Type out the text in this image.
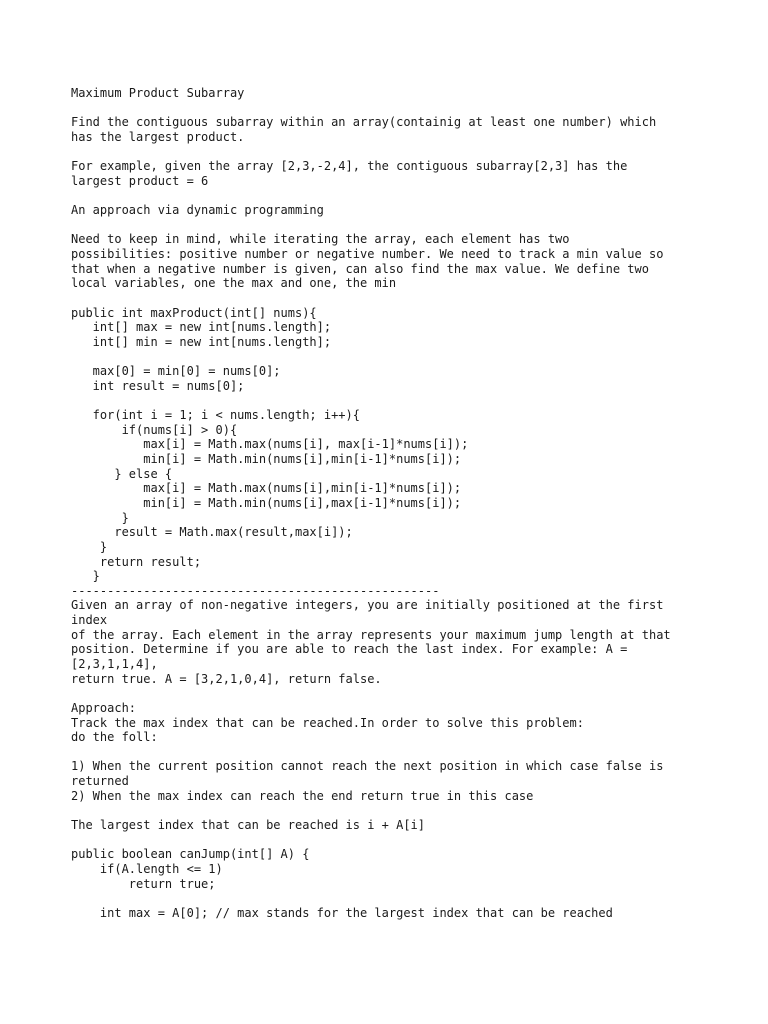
Maximum Product Subarray
Find the contiguous subarray within an array(containig at least one number) which
has the largest product.
For example, given the array [2,3,-2,4], the contiguous subarray[2,3] has the
largest product = 6
An approach via dynamic programming
Need to keep in mind, while iterating the array, each element has two
possibilities: positive number or negative number. We need to track a min value so
that when a negative number is given, can also find the max value. We define two
local variables, one the max and one, the min
public int maxProduct(int[] nums){
int[] max = new int[nums.length];
int[] min = new int[nums.length];
max[0] = min[0] = nums[0];
int result = nums[0];
for(int i = 1; i < nums.length; i++){
if(nums[i] > 0){
max[i] = Math.max(nums[i], max[i-1]*nums[i]);
min[i] = Math.min(nums[i],min[i-1]*nums[i]);
} else {
max[i] = Math.max(nums[i],min[i-1]*nums[i]);
min[i] = Math.min(nums[i],max[i-1]*nums[i]);
}
result = Math.max(result,max[i]);
}
return result;
}
---------------------------------------------------
Given an array of non-negative integers, you are initially positioned at the first
index
of the array. Each element in the array represents your maximum jump length at that
position. Determine if you are able to reach the last index. For example: A =
[2,3,1,1,4],
return true. A = [3,2,1,0,4], return false.
Approach:
Track the max index that can be reached.In order to solve this problem:
do the foll:
1) When the current position cannot reach the next position in which case false is
returned
2) When the max index can reach the end return true in this case
The largest index that can be reached is i + A[i]
public boolean canJump(int[] A) {
if(A.length <= 1)
return true;
int max = A[0]; // max stands for the largest index that can be reached
